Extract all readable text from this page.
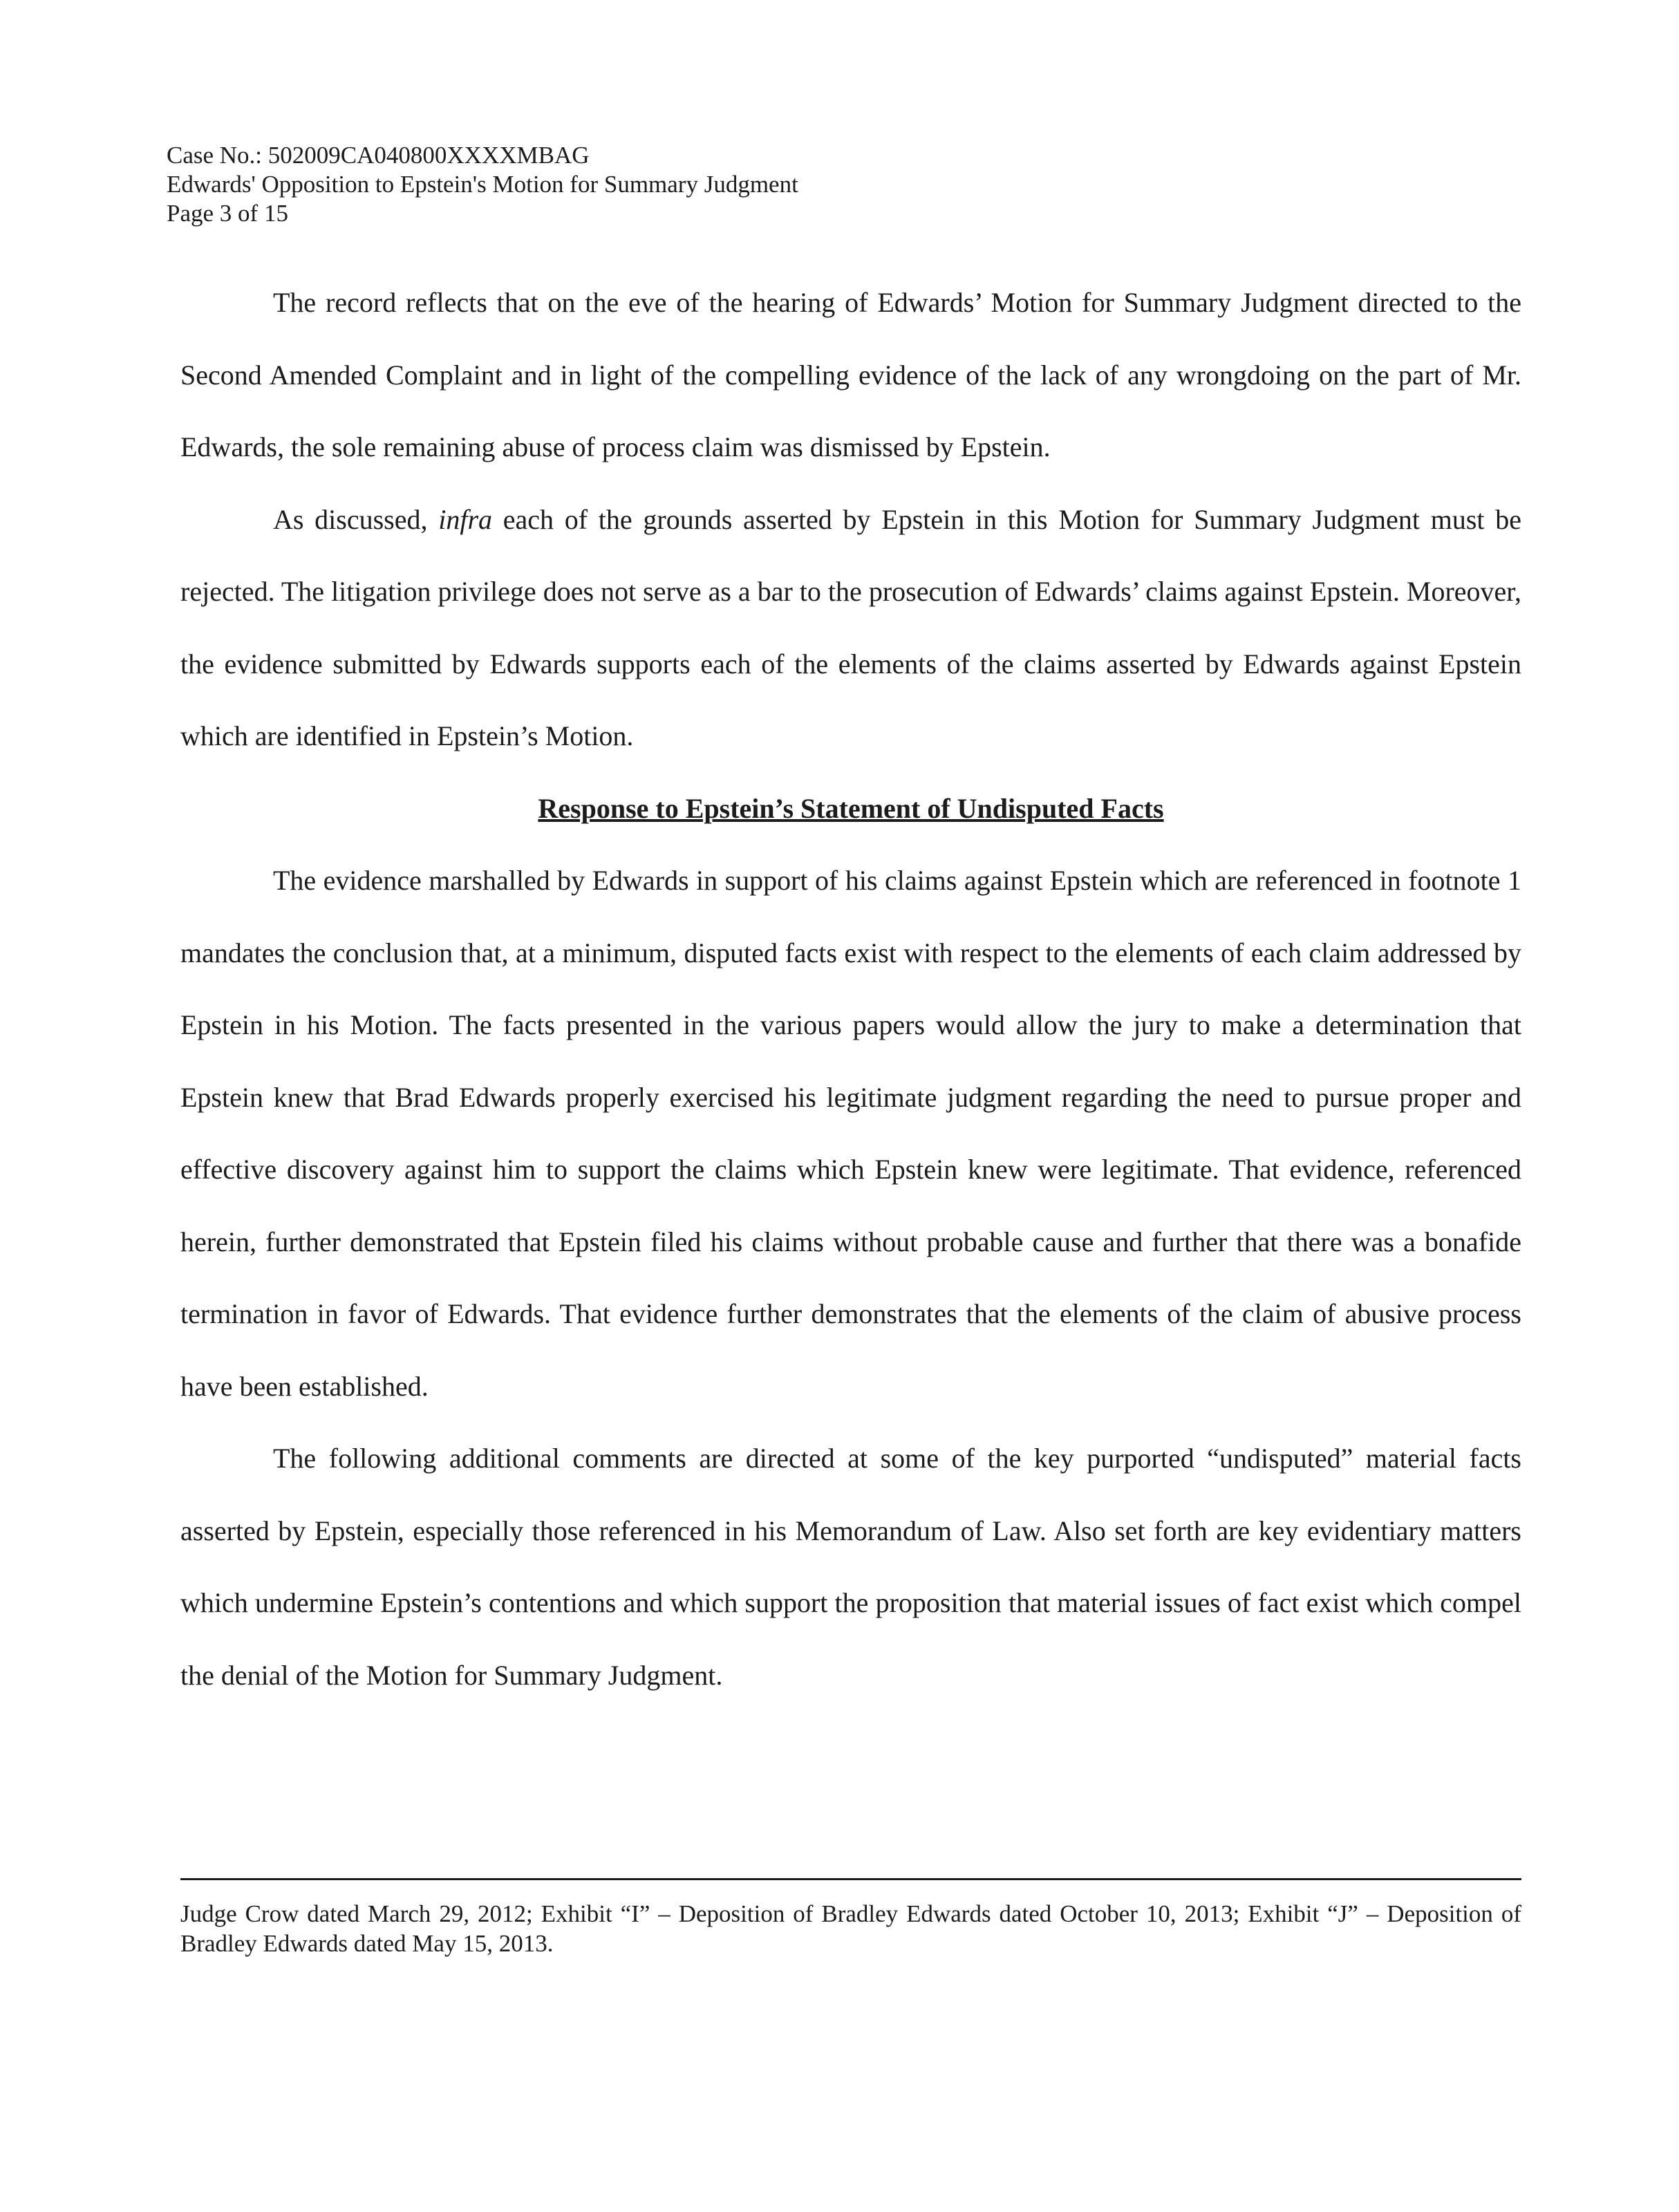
Case No.: 502009CA040800XXXXMBAG
Edwards' Opposition to Epstein's Motion for Summary Judgment
Page 3 of 15

The record reflects that on the eve of the hearing of Edwards’ Motion for Summary Judgment directed to the Second Amended Complaint and in light of the compelling evidence of the lack of any wrongdoing on the part of Mr. Edwards, the sole remaining abuse of process claim was dismissed by Epstein.

As discussed, infra each of the grounds asserted by Epstein in this Motion for Summary Judgment must be rejected. The litigation privilege does not serve as a bar to the prosecution of Edwards’ claims against Epstein. Moreover, the evidence submitted by Edwards supports each of the elements of the claims asserted by Edwards against Epstein which are identified in Epstein’s Motion.

Response to Epstein’s Statement of Undisputed Facts

The evidence marshalled by Edwards in support of his claims against Epstein which are referenced in footnote 1 mandates the conclusion that, at a minimum, disputed facts exist with respect to the elements of each claim addressed by Epstein in his Motion. The facts presented in the various papers would allow the jury to make a determination that Epstein knew that Brad Edwards properly exercised his legitimate judgment regarding the need to pursue proper and effective discovery against him to support the claims which Epstein knew were legitimate. That evidence, referenced herein, further demonstrated that Epstein filed his claims without probable cause and further that there was a bonafide termination in favor of Edwards. That evidence further demonstrates that the elements of the claim of abusive process have been established.

The following additional comments are directed at some of the key purported “undisputed” material facts asserted by Epstein, especially those referenced in his Memorandum of Law. Also set forth are key evidentiary matters which undermine Epstein’s contentions and which support the proposition that material issues of fact exist which compel the denial of the Motion for Summary Judgment.

Judge Crow dated March 29, 2012; Exhibit “I” – Deposition of Bradley Edwards dated October 10, 2013; Exhibit “J” – Deposition of Bradley Edwards dated May 15, 2013.
